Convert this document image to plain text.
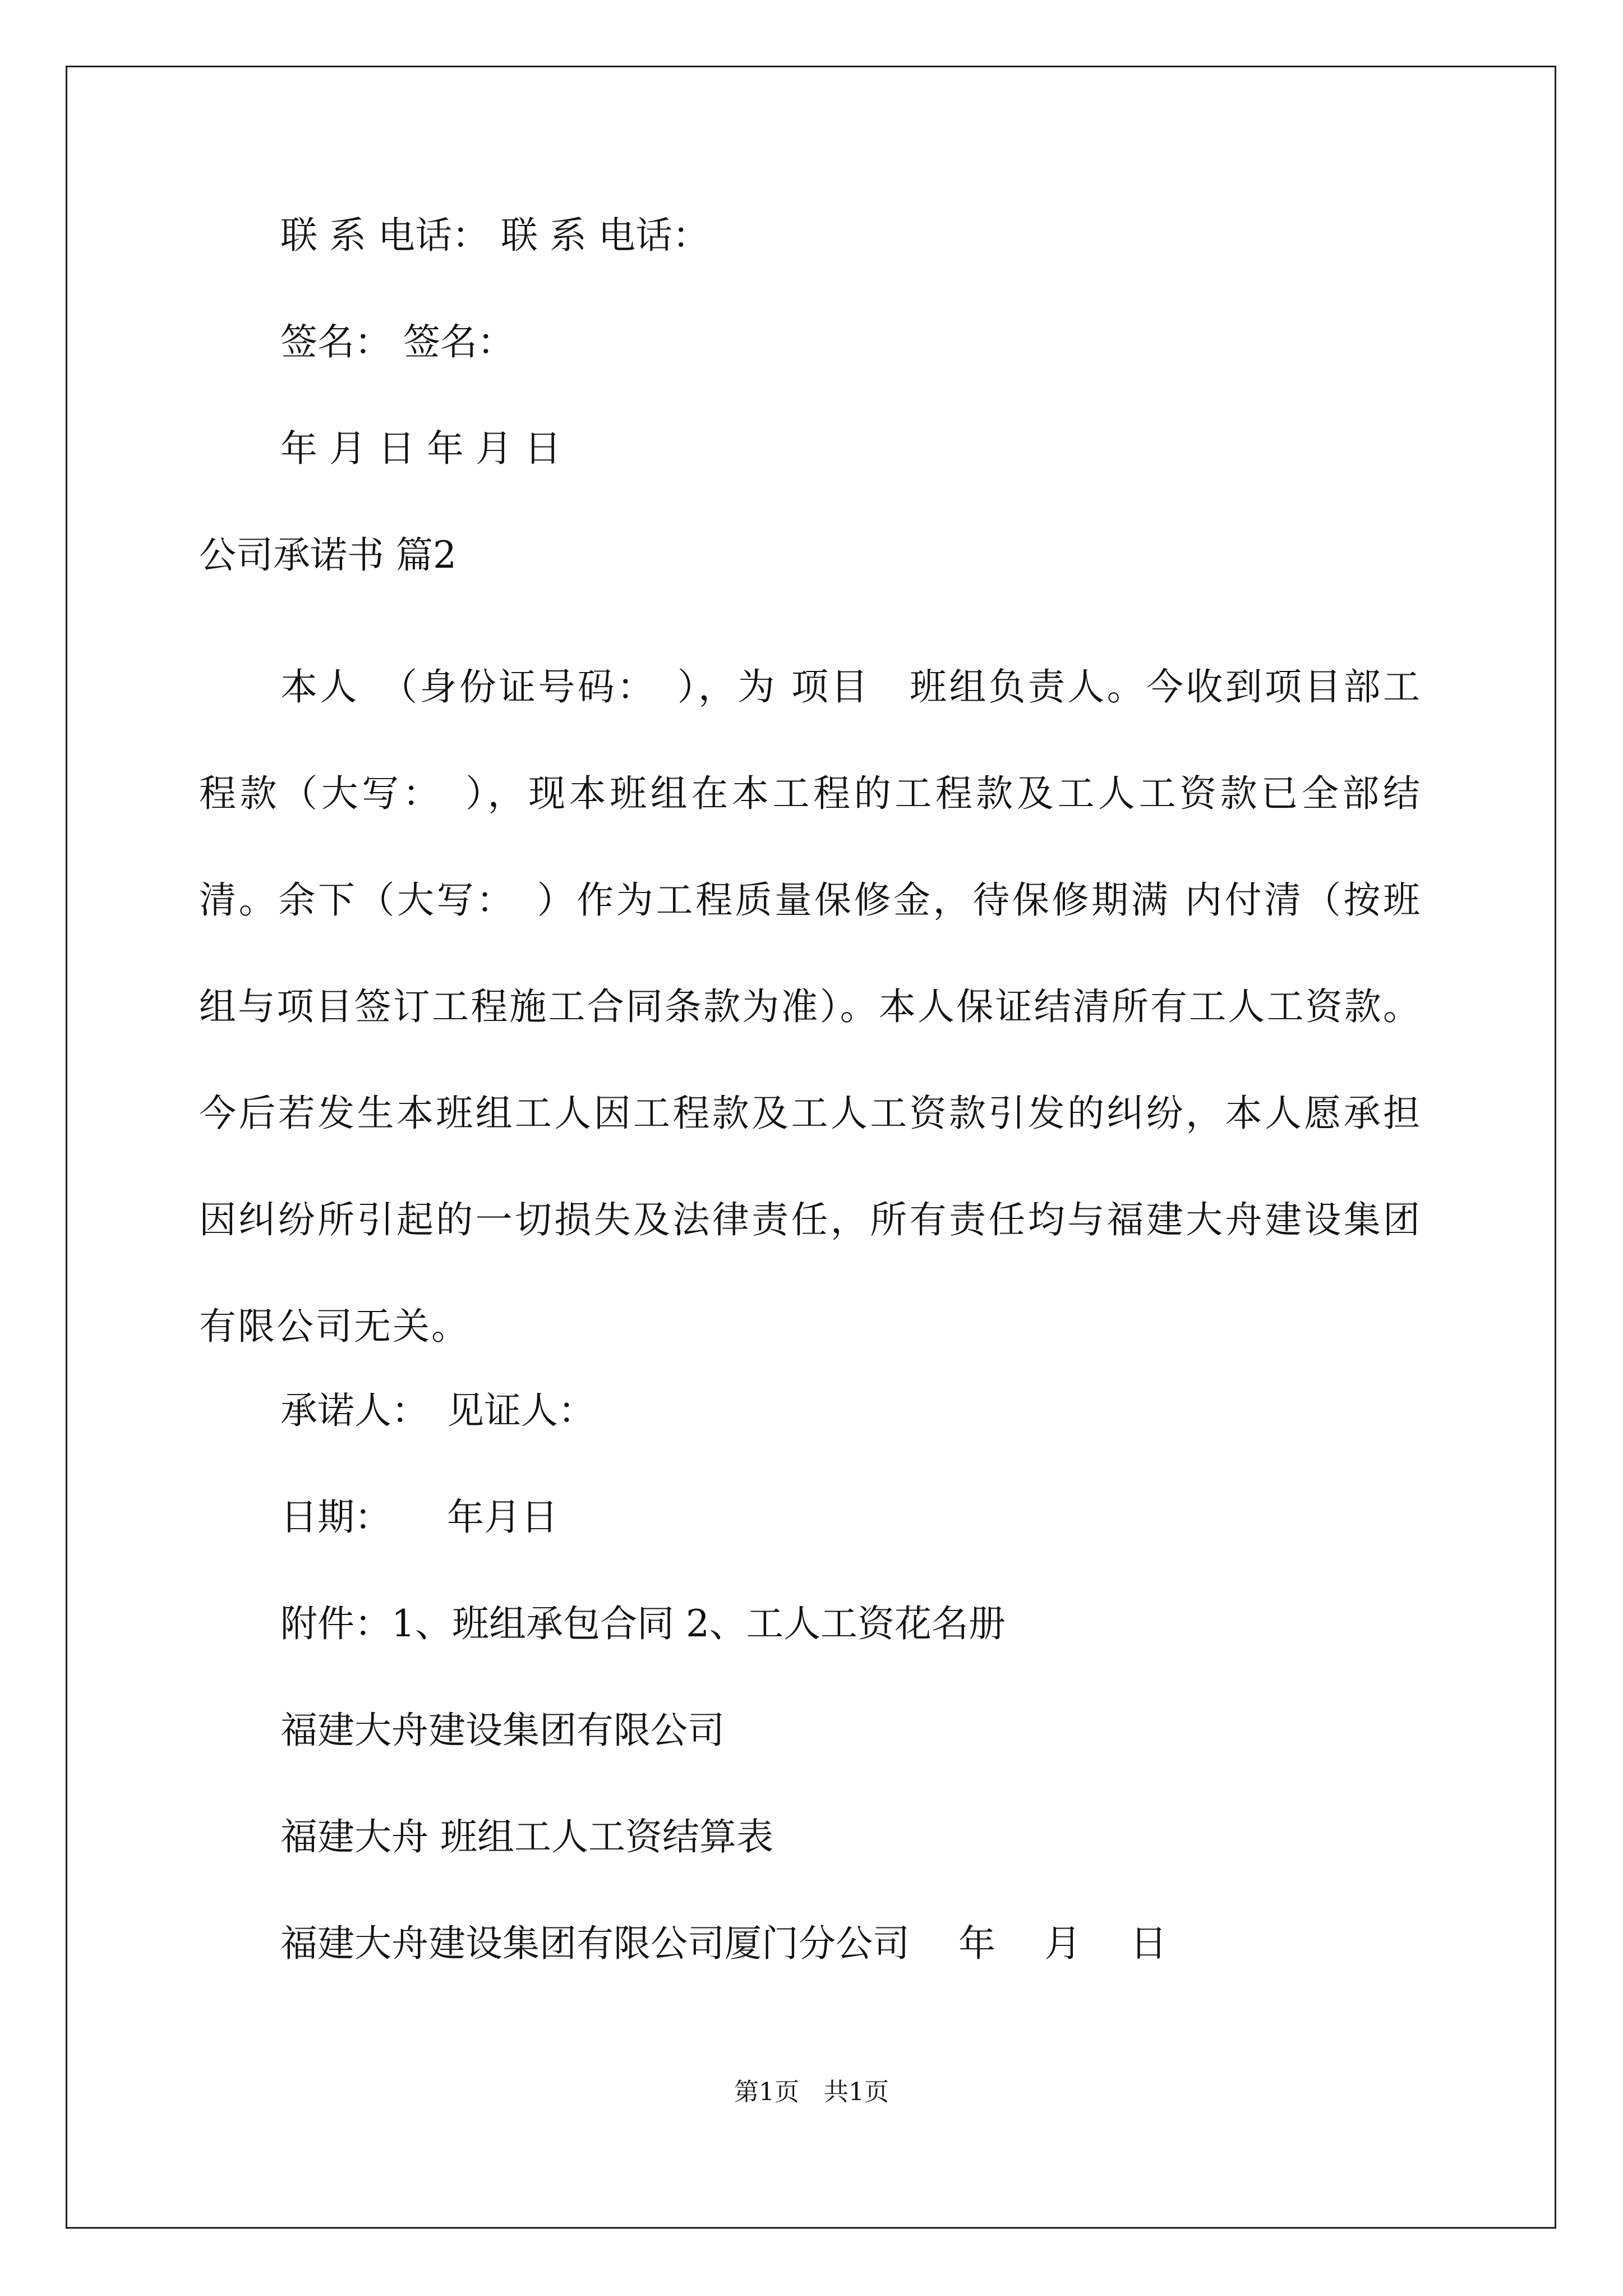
联 系 电话： 联 系 电话：
签名： 签名：
年 月 日 年 月 日
公司承诺书 篇2
本人　（身份证号码：　），为 项目　班组负责人。今收到项目部工程款（大写：　），现本班组在本工程的工程款及工人工资款已全部结清。余下（大写：　）作为工程质量保修金，待保修期满 内付清（按班组与项目签订工程施工合同条款为准）。本人保证结清所有工人工资款。今后若发生本班组工人因工程款及工人工资款引发的纠纷，本人愿承担因纠纷所引起的一切损失及法律责任，所有责任均与福建大舟建设集团有限公司无关。
承诺人：　见证人：
日期：　　年月日
附件：1、班组承包合同 2、工人工资花名册
福建大舟建设集团有限公司
福建大舟 班组工人工资结算表
福建大舟建设集团有限公司厦门分公司　 年　 月　 日
第1页　共1页
